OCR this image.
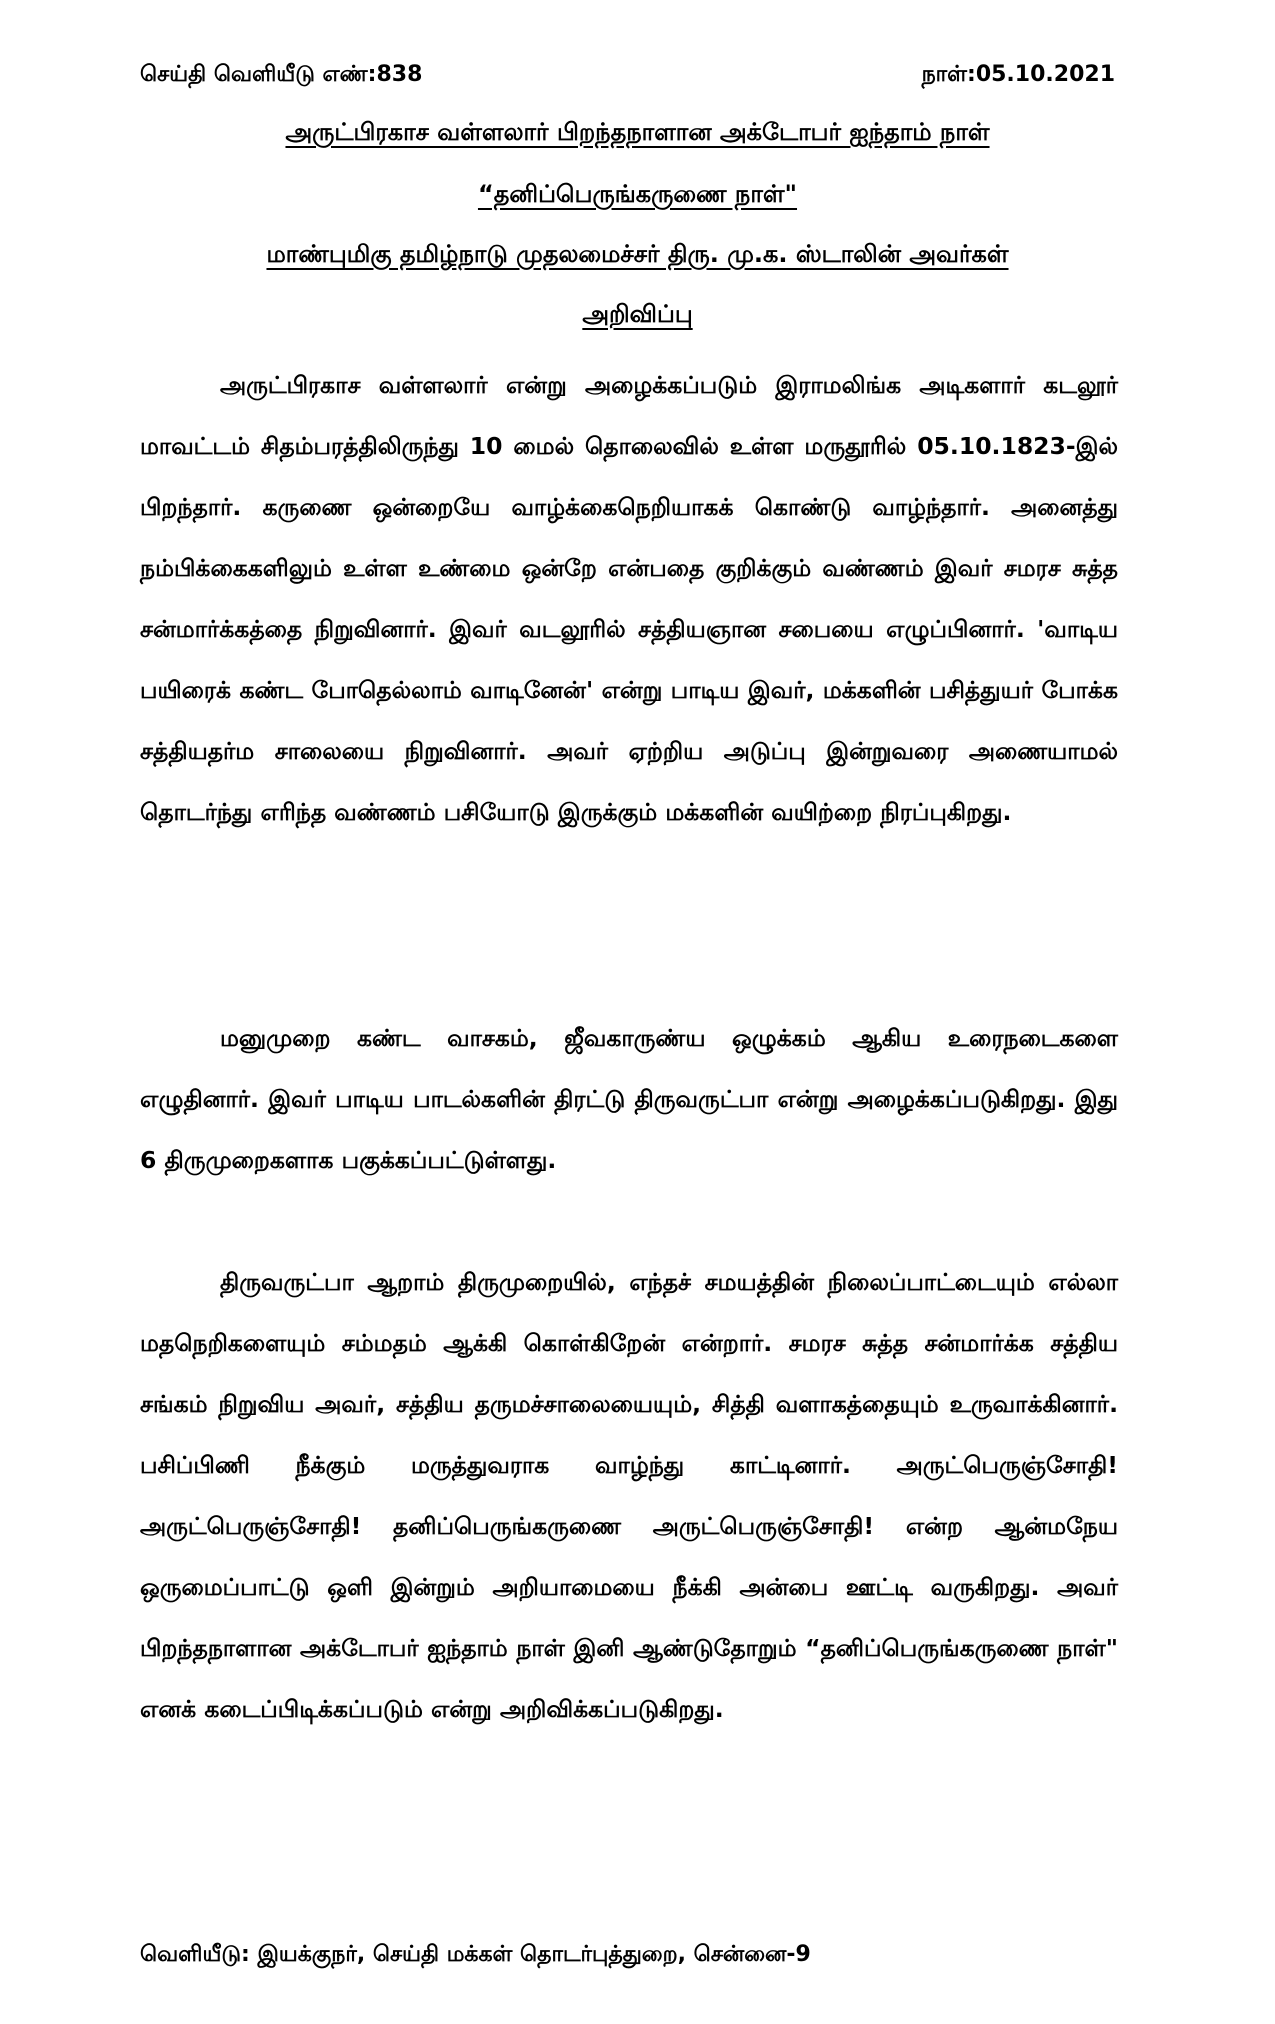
செய்தி வெளியீடு எண்:838	நாள்:05.10.2021
அருட்பிரகாச வள்ளலார் பிறந்தநாளான அக்டோபர் ஐந்தாம் நாள்
“தனிப்பெருங்கருணை நாள்"
மாண்புமிகு தமிழ்நாடு முதலமைச்சர் திரு. மு.க. ஸ்டாலின் அவர்கள்
அறிவிப்பு

அருட்பிரகாச வள்ளலார் என்று அழைக்கப்படும் இராமலிங்க அடிகளார் கடலூர் மாவட்டம் சிதம்பரத்திலிருந்து 10 மைல் தொலைவில் உள்ள மருதூரில் 05.10.1823-இல் பிறந்தார். கருணை ஒன்றையே வாழ்க்கைநெறியாகக் கொண்டு வாழ்ந்தார். அனைத்து நம்பிக்கைகளிலும் உள்ள உண்மை ஒன்றே என்பதை குறிக்கும் வண்ணம் இவர் சமரச சுத்த சன்மார்க்கத்தை நிறுவினார். இவர் வடலூரில் சத்தியஞான சபையை எழுப்பினார். 'வாடிய பயிரைக் கண்ட போதெல்லாம் வாடினேன்' என்று பாடிய இவர், மக்களின் பசித்துயர் போக்க சத்தியதர்ம சாலையை நிறுவினார். அவர் ஏற்றிய அடுப்பு இன்றுவரை அணையாமல் தொடர்ந்து எரிந்த வண்ணம் பசியோடு இருக்கும் மக்களின் வயிற்றை நிரப்புகிறது.

மனுமுறை கண்ட வாசகம், ஜீவகாருண்ய ஒழுக்கம் ஆகிய உரைநடைகளை எழுதினார். இவர் பாடிய பாடல்களின் திரட்டு திருவருட்பா என்று அழைக்கப்படுகிறது. இது 6 திருமுறைகளாக பகுக்கப்பட்டுள்ளது.

திருவருட்பா ஆறாம் திருமுறையில், எந்தச் சமயத்தின் நிலைப்பாட்டையும் எல்லா மதநெறிகளையும் சம்மதம் ஆக்கி கொள்கிறேன் என்றார். சமரச சுத்த சன்மார்க்க சத்திய சங்கம் நிறுவிய அவர், சத்திய தருமச்சாலையையும், சித்தி வளாகத்தையும் உருவாக்கினார். பசிப்பிணி நீக்கும் மருத்துவராக வாழ்ந்து காட்டினார். அருட்பெருஞ்சோதி! அருட்பெருஞ்சோதி! தனிப்பெருங்கருணை அருட்பெருஞ்சோதி! என்ற ஆன்மநேய ஒருமைப்பாட்டு ஒளி இன்றும் அறியாமையை நீக்கி அன்பை ஊட்டி வருகிறது. அவர் பிறந்தநாளான அக்டோபர் ஐந்தாம் நாள் இனி ஆண்டுதோறும் “தனிப்பெருங்கருணை நாள்" எனக் கடைப்பிடிக்கப்படும் என்று அறிவிக்கப்படுகிறது.

வெளியீடு: இயக்குநர், செய்தி மக்கள் தொடர்புத்துறை, சென்னை-9
